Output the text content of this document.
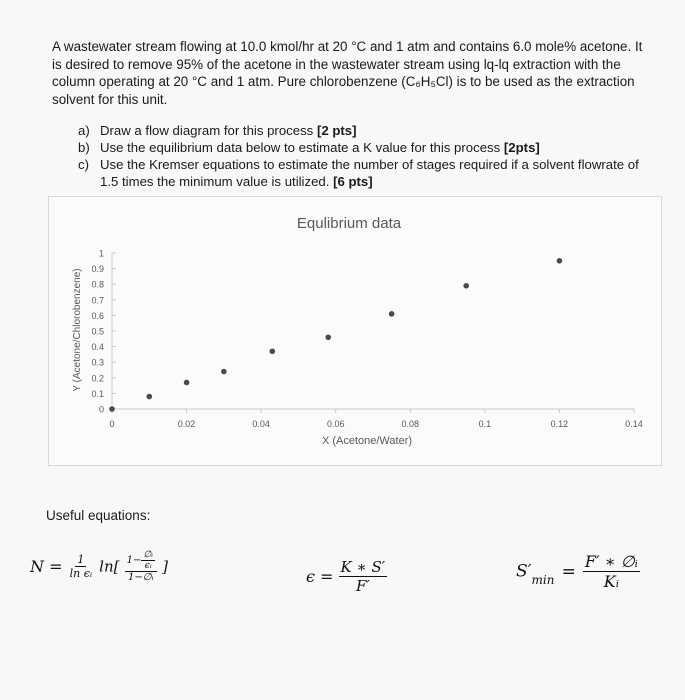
A wastewater stream flowing at 10.0 kmol/hr at 20 °C and 1 atm and contains 6.0 mole% acetone. It is desired to remove 95% of the acetone in the wastewater stream using lq-lq extraction with the column operating at 20 °C and 1 atm. Pure chlorobenzene (C₆H₅Cl) is to be used as the extraction solvent for this unit.

a) Draw a flow diagram for this process [2 pts]
b) Use the equilibrium data below to estimate a K value for this process [2pts]
c) Use the Kremser equations to estimate the number of stages required if a solvent flowrate of 1.5 times the minimum value is utilized. [6 pts]
Equlibrium data
X (Acetone/Water)
Y (Acetone/Chlorobenzene)
0
0.1
0.2
0.3
0.4
0.5
0.6
0.7
0.8
0.9
1
0	0.02	0.04	0.06	0.08	0.1	0.12	0.14

Useful equations:

$N = \frac{1}{\text{ln ϵᵢ}} \ln[ \frac{1- \frac{\text{∅ᵢ}}{\text{ϵᵢ}}}{\text{1−∅ᵢ}}$ ]
$\epsilon = \frac{K ∗ S'}{F'}$	$S'_{min} = \frac{\text{F′ ∗ ∅ᵢ}}{\text{Kᵢ}}$
